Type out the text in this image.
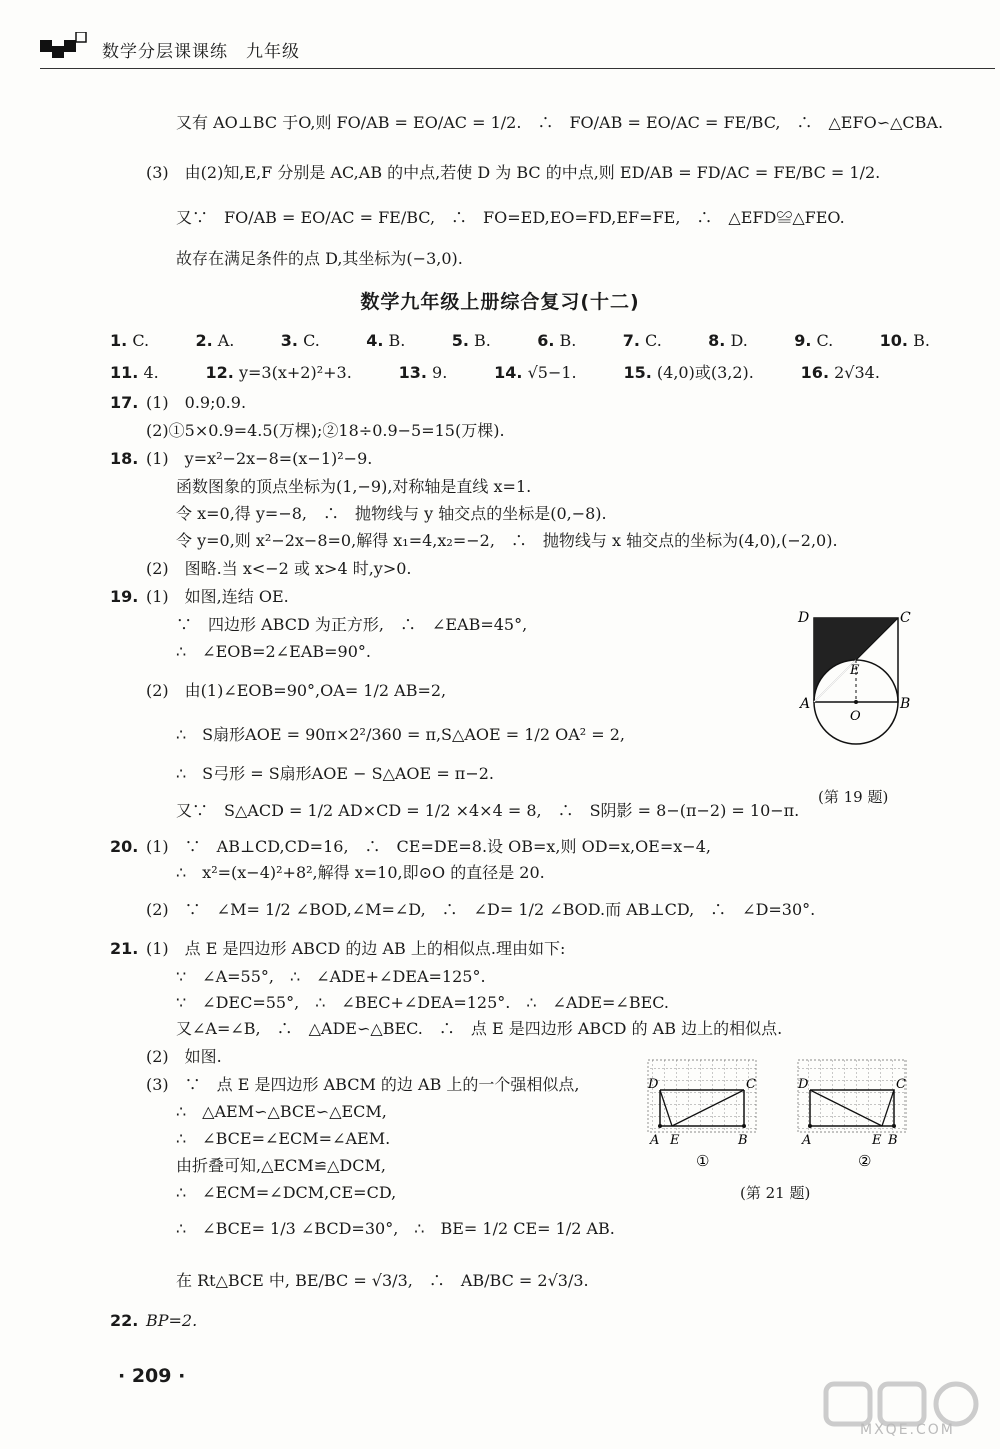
数学分层课课练　九年级
又有 AO⊥BC 于O,则 FO/AB = EO/AC = 1/2.　∴　FO/AB = EO/AC = FE/BC,　∴　△EFO∽△CBA.
(3)　由(2)知,E,F 分别是 AC,AB 的中点,若使 D 为 BC 的中点,则 ED/AB = FD/AC = FE/BC = 1/2.
又∵　FO/AB = EO/AC = FE/BC,　∴　FO=ED,EO=FD,EF=FE,　∴　△EFD≌△FEO.
故存在满足条件的点 D,其坐标为(−3,0).
数学九年级上册综合复习(十二)
1. C.	2. A.	3. C.	4. B.	5. B.	6. B.	7. C.	8. D.	9. C.	10. B.
11. 4.	12. y=3(x+2)²+3.	13. 9.	14. √5−1.	15. (4,0)或(3,2).	16. 2√34.
17. (1)　0.9;0.9.
(2)①5×0.9=4.5(万棵);②18÷0.9−5=15(万棵).
18. (1)　y=x²−2x−8=(x−1)²−9.
函数图象的顶点坐标为(1,−9),对称轴是直线 x=1.
令 x=0,得 y=−8,　∴　抛物线与 y 轴交点的坐标是(0,−8).
令 y=0,则 x²−2x−8=0,解得 x₁=4,x₂=−2,　∴　抛物线与 x 轴交点的坐标为(4,0),(−2,0).
(2)　图略.当 x<−2 或 x>4 时,y>0.
19. (1)　如图,连结 OE.
∵　四边形 ABCD 为正方形,　∴　∠EAB=45°,
∴　∠EOB=2∠EAB=90°.
(2)　由(1)∠EOB=90°,OA= 1/2 AB=2,
∴　S扇形AOE = 90π×2²/360 = π,S△AOE = 1/2 OA² = 2,
∴　S弓形 = S扇形AOE − S△AOE = π−2.
又∵　S△ACD = 1/2 AD×CD = 1/2 ×4×4 = 8,　∴　S阴影 = 8−(π−2) = 10−π.
D	C
A	B
E
O
(第 19 题)
20. (1)　∵　AB⊥CD,CD=16,　∴　CE=DE=8.设 OB=x,则 OD=x,OE=x−4,
∴　x²=(x−4)²+8²,解得 x=10,即⊙O 的直径是 20.
(2)　∵　∠M= 1/2 ∠BOD,∠M=∠D,　∴　∠D= 1/2 ∠BOD.而 AB⊥CD,　∴　∠D=30°.
21. (1)　点 E 是四边形 ABCD 的边 AB 上的相似点.理由如下:
∵　∠A=55°,　∴　∠ADE+∠DEA=125°.
∵　∠DEC=55°,　∴　∠BEC+∠DEA=125°.　∴　∠ADE=∠BEC.
又∠A=∠B,　∴　△ADE∽△BEC.　∴　点 E 是四边形 ABCD 的 AB 边上的相似点.
(2)　如图.
(3)　∵　点 E 是四边形 ABCM 的边 AB 上的一个强相似点,
∴　△AEM∽△BCE∽△ECM,
∴　∠BCE=∠ECM=∠AEM.
由折叠可知,△ECM≌△DCM,
∴　∠ECM=∠DCM,CE=CD,
∴　∠BCE= 1/3 ∠BCD=30°,　∴　BE= 1/2 CE= 1/2 AB.
在 Rt△BCE 中, BE/BC = √3/3,　∴　AB/BC = 2√3/3.
D	C
A E	B
①
D	C
A	E B
②
(第 21 题)
22. BP=2.
· 209 ·
MXQE.COM
